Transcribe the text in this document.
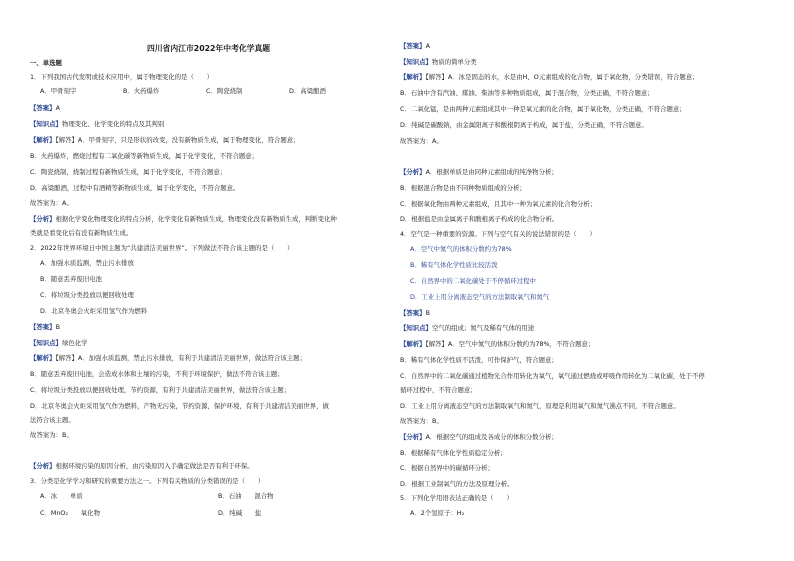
四川省内江市2022年中考化学真题
一、单选题
1．下列我国古代发明或技术应用中，属于物理变化的是（　　）
A．甲骨刻字	B．火药爆炸	C．陶瓷烧制	D．高粱酿酒
【答案】A
【知识点】物理变化、化学变化的特点及其判别
【解析】【解答】A．甲骨刻字，只是形状的改变，没有新物质生成，属于物理变化，符合题意；
B．火药爆炸，燃烧过程有二氧化碳等新物质生成，属于化学变化，不符合题意；
C．陶瓷烧制，烧制过程有新物质生成，属于化学变化，不符合题意；
D．高粱酿酒，过程中有酒精等新物质生成，属于化学变化，不符合题意。
故答案为：A。
【分析】根据化学变化物理变化的特点分析，化学变化有新物质生成，物理变化没有新物质生成，判断变化种
类就是看变化后有没有新物质生成。
2．2022年世界环境日中国主题为“共建清洁美丽世界”。下列做法不符合该主题的是（　　）
A．加强水质监测，禁止污水排放
B．随意丢弃废旧电池
C．将垃圾分类投放以便回收处理
D．北京冬奥会火炬采用氢气作为燃料
【答案】B
【知识点】绿色化学
【解析】【解答】A．加强水质监测，禁止污水排放，有利于共建清洁美丽世界，做法符合该主题；
B．随意丢弃废旧电池，会造成水体和土壤的污染，不利于环境保护，做法不符合该主题；
C．将垃圾分类投放以便回收处理，节约资源，有利于共建清洁美丽世界，做法符合该主题；
D．北京冬奥会火炬采用氢气作为燃料，产物无污染，节约资源，保护环境，有利于共建清洁美丽世界，做
法符合该主题。
故答案为：B。
【分析】根据环境污染的原因分析，由污染原因入手确定做法是否有利于环保。
3．分类是化学学习和研究的重要方法之一。下列有关物质的分类错误的是（　　）
A．冰　　单质	B．石油　　混合物
C．MnO₂　　氧化物	D．纯碱　　盐
【答案】A
【知识点】物质的简单分类
【解析】【解答】A．冰是固态的水，水是由H、O元素组成的化合物，属于氧化物，分类错误，符合题意；
B．石油中含有汽油、煤油、柴油等多种物质组成，属于混合物，分类正确，不符合题意；
C．二氧化锰，是由两种元素组成其中一种是氧元素的化合物，属于氧化物，分类正确，不符合题意；
D．纯碱是碳酸钠，由金属阳离子和酸根阴离子构成，属于盐，分类正确，不符合题意。
故答案为：A。
【分析】A．根据单质是由同种元素组成的纯净物分析；
B．根据混合物是由不同种物质组成的分析；
C．根据氧化物由两种元素组成，且其中一种为氧元素的化合物分析；
D．根据盐是由金属离子和酸根离子构成的化合物分析。
4．空气是一种重要的资源。下列与空气有关的说法错误的是（　　）
A．空气中氮气的体积分数约为78%
B．稀有气体化学性质比较活泼
C．自然界中的二氧化碳处于不停循环过程中
D．工业上用分离液态空气的方法制取氧气和氮气
【答案】B
【知识点】空气的组成；氮气及稀有气体的用途
【解析】【解答】A．空气中氮气的体积分数约为78%，不符合题意；
B．稀有气体化学性质不活泼，可作保护气，符合题意；
C．自然界中的二氧化碳通过植物光合作用转化为氧气，氧气通过燃烧或呼吸作用转化为二氧化碳，处于不停
循环过程中，不符合题意；
D．工业上用分离液态空气的方法制取氧气和氮气，原理是利用氧气和氮气沸点不同，不符合题意。
故答案为：B。
【分析】A．根据空气的组成及各成分的体积分数分析；
B．根据稀有气体化学性质稳定分析；
C．根据自然界中的碳循环分析；
D．根据工业制氧气的方法及原理分析。
5．下列化学用语表达正确的是（　　）
A．2个氢原子：H₂
